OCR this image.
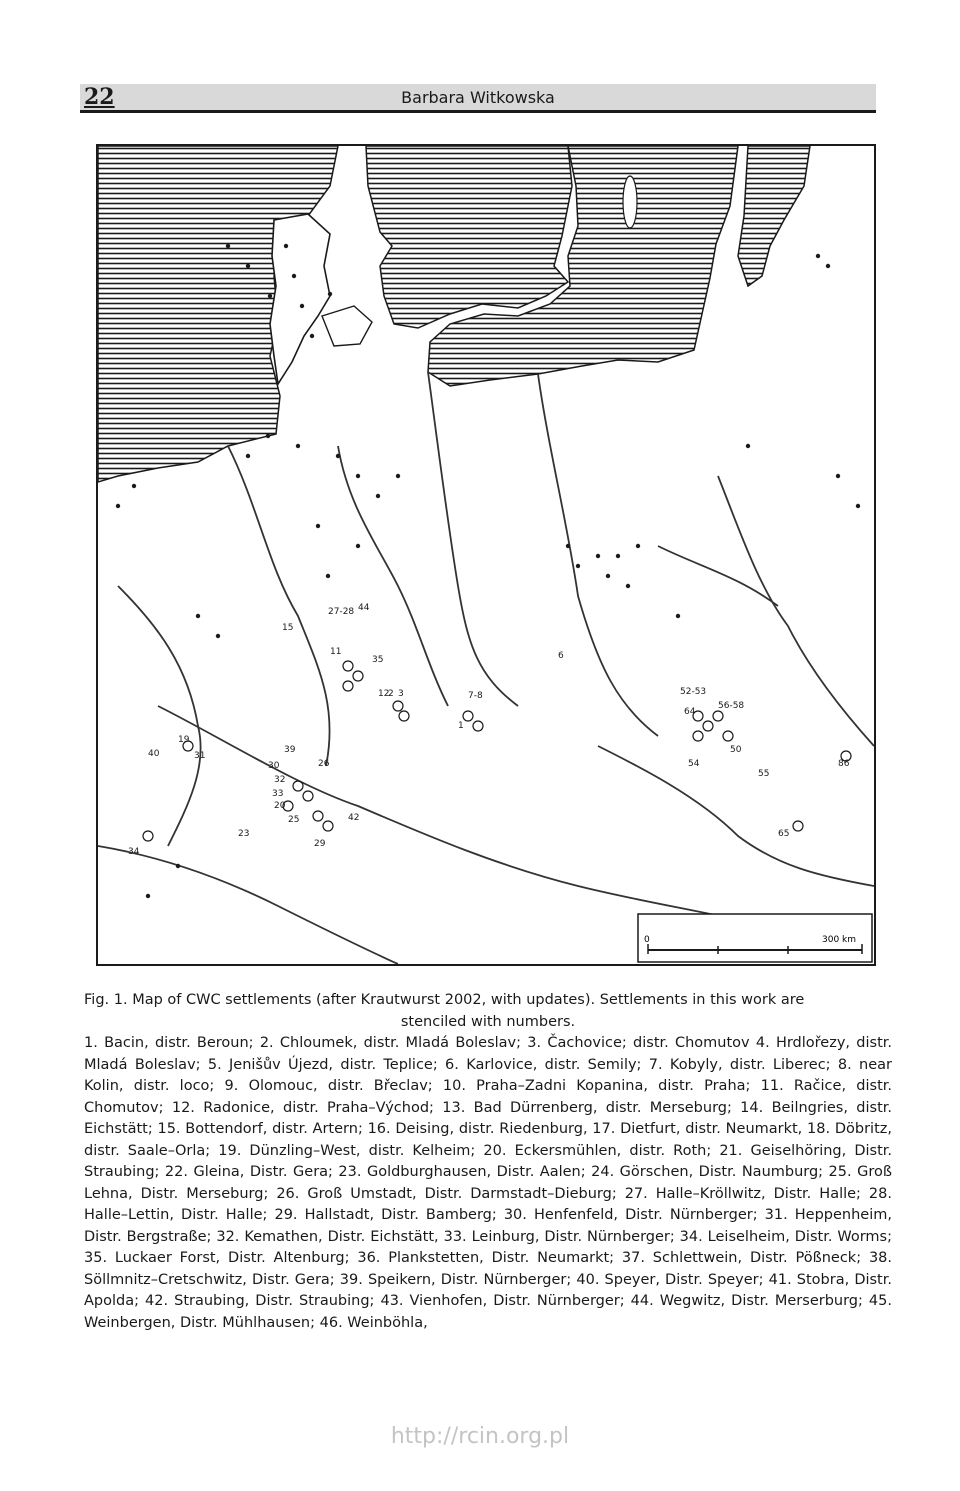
22	Barbara Witkowska
27-28 44
15
35
11
12
2 3	7-8
1
40
19
31
39
30
32
33
26
20
25
23
42
29
34
52-53
64
56-58
50
54
55
86
65
6
0	300 km
Fig. 1. Map of CWC settlements (after Krautwurst 2002, with updates). Settlements in this work are
stenciled with numbers.
1. Bacin, distr. Beroun; 2. Chloumek, distr. Mladá Boleslav; 3. Čachovice; distr. Chomutov 4. Hrdlořezy, distr. Mladá Boleslav; 5. Jenišův Újezd, distr. Teplice; 6. Karlovice, distr. Semily; 7. Kobyly, distr. Liberec; 8. near Kolin, distr. loco; 9. Olomouc, distr. Břeclav; 10. Praha–Zadni Kopanina, distr. Praha; 11. Račice, distr. Chomutov; 12. Radonice, distr. Praha–Východ; 13. Bad Dürrenberg, distr. Merseburg; 14. Beilngries, distr. Eichstätt; 15. Bottendorf, distr. Artern; 16. Deising, distr. Riedenburg, 17. Dietfurt, distr. Neumarkt, 18. Döbritz, distr. Saale–Orla; 19. Dünzling–West, distr. Kelheim; 20. Eckersmühlen, distr. Roth; 21. Geiselhöring, Distr. Straubing; 22. Gleina, Distr. Gera; 23. Goldburghausen, Distr. Aalen; 24. Görschen, Distr. Naumburg; 25. Groß Lehna, Distr. Merseburg; 26. Groß Umstadt, Distr. Darmstadt–Dieburg; 27. Halle–Kröllwitz, Distr. Halle; 28. Halle–Lettin, Distr. Halle; 29. Hallstadt, Distr. Bamberg; 30. Henfenfeld, Distr. Nürnberger; 31. Heppenheim, Distr. Bergstraße; 32. Kemathen, Distr. Eichstätt, 33. Leinburg, Distr. Nürnberger; 34. Leiselheim, Distr. Worms; 35. Luckaer Forst, Distr. Altenburg; 36. Plankstetten, Distr. Neumarkt; 37. Schlettwein, Distr. Pößneck; 38. Söllmnitz–Cretschwitz, Distr. Gera; 39. Speikern, Distr. Nürnberger; 40. Speyer, Distr. Speyer; 41. Stobra, Distr. Apolda; 42. Straubing, Distr. Straubing; 43. Vienhofen, Distr. Nürnberger; 44. Wegwitz, Distr. Merserburg; 45. Weinbergen, Distr. Mühlhausen; 46. Weinböhla,
http://rcin.org.pl
